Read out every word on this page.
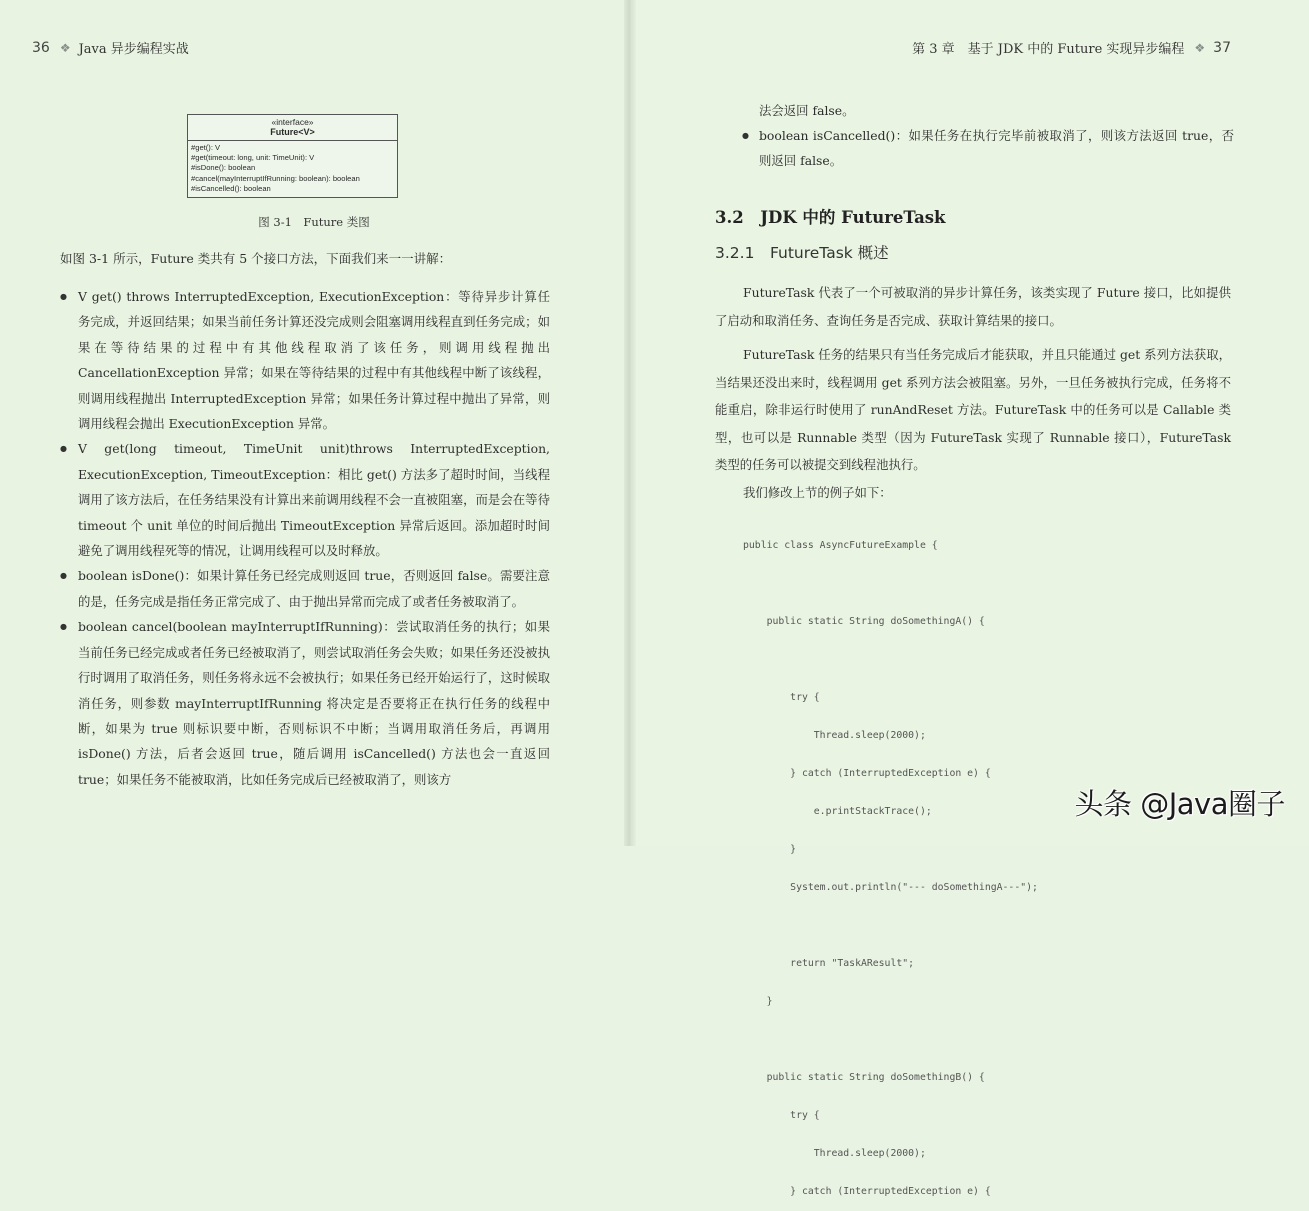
36 ❖ Java 异步编程实战
«interface»
Future<V>
#get(): V
#get(timeout: long, unit: TimeUnit): V
#isDone(): boolean
#cancel(mayInterruptIfRunning: boolean): boolean
#isCancelled(): boolean
图 3-1　Future 类图
如图 3-1 所示，Future 类共有 5 个接口方法，下面我们来一一讲解：
● V get() throws InterruptedException, ExecutionException：等待异步计算任务完成，并返回结果；如果当前任务计算还没完成则会阻塞调用线程直到任务完成；如果在等待结果的过程中有其他线程取消了该任务，则调用线程抛出 CancellationException 异常；如果在等待结果的过程中有其他线程中断了该线程，则调用线程抛出 InterruptedException 异常；如果任务计算过程中抛出了异常，则调用线程会抛出 ExecutionException 异常。
● V get(long timeout, TimeUnit unit)throws InterruptedException, ExecutionException, TimeoutException：相比 get() 方法多了超时时间，当线程调用了该方法后，在任务结果没有计算出来前调用线程不会一直被阻塞，而是会在等待 timeout 个 unit 单位的时间后抛出 TimeoutException 异常后返回。添加超时时间避免了调用线程死等的情况，让调用线程可以及时释放。
● boolean isDone()：如果计算任务已经完成则返回 true，否则返回 false。需要注意的是，任务完成是指任务正常完成了、由于抛出异常而完成了或者任务被取消了。
● boolean cancel(boolean mayInterruptIfRunning)：尝试取消任务的执行；如果当前任务已经完成或者任务已经被取消了，则尝试取消任务会失败；如果任务还没被执行时调用了取消任务，则任务将永远不会被执行；如果任务已经开始运行了，这时候取消任务，则参数 mayInterruptIfRunning 将决定是否要将正在执行任务的线程中断，如果为 true 则标识要中断，否则标识不中断；当调用取消任务后，再调用 isDone() 方法，后者会返回 true，随后调用 isCancelled() 方法也会一直返回 true；如果任务不能被取消，比如任务完成后已经被取消了，则该方
第 3 章　基于 JDK 中的 Future 实现异步编程 ❖ 37
法会返回 false。
● boolean isCancelled()：如果任务在执行完毕前被取消了，则该方法返回 true，否则返回 false。
3.2　JDK 中的 FutureTask
3.2.1　FutureTask 概述
FutureTask 代表了一个可被取消的异步计算任务，该类实现了 Future 接口，比如提供了启动和取消任务、查询任务是否完成、获取计算结果的接口。
FutureTask 任务的结果只有当任务完成后才能获取，并且只能通过 get 系列方法获取，当结果还没出来时，线程调用 get 系列方法会被阻塞。另外，一旦任务被执行完成，任务将不能重启，除非运行时使用了 runAndReset 方法。FutureTask 中的任务可以是 Callable 类型，也可以是 Runnable 类型（因为 FutureTask 实现了 Runnable 接口），FutureTask 类型的任务可以被提交到线程池执行。
我们修改上节的例子如下：

public class AsyncFutureExample {

public static String doSomethingA() {

try {

Thread.sleep(2000);

} catch (InterruptedException e) {

e.printStackTrace();

}

System.out.println("--- doSomethingA---");

return "TaskAResult";

}

public static String doSomethingB() {

try {

Thread.sleep(2000);

} catch (InterruptedException e) {

头条 @Java圈子
